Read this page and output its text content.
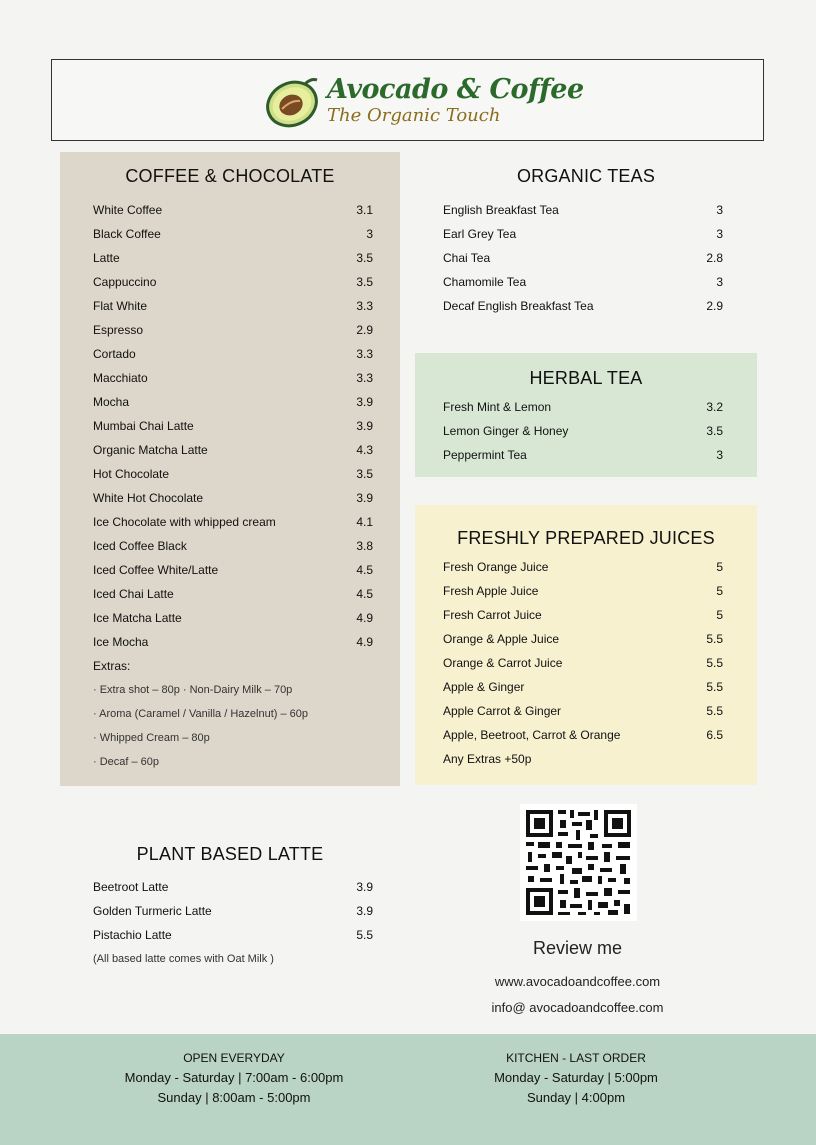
Avocado & Coffee
The Organic Touch
COFFEE & CHOCOLATE
White Coffee	3.1
Black Coffee	3
Latte	3.5
Cappuccino	3.5
Flat White	3.3
Espresso	2.9
Cortado	3.3
Macchiato	3.3
Mocha	3.9
Mumbai Chai Latte	3.9
Organic Matcha Latte	4.3
Hot Chocolate	3.5
White Hot Chocolate	3.9
Ice Chocolate with whipped cream	4.1
Iced Coffee Black	3.8
Iced Coffee White/Latte	4.5
Iced Chai Latte	4.5
Ice Matcha Latte	4.9
Ice Mocha	4.9
Extras:
· Extra shot – 80p · Non-Dairy Milk – 70p
· Aroma (Caramel / Vanilla / Hazelnut) – 60p
· Whipped Cream – 80p
· Decaf – 60p
ORGANIC TEAS
English Breakfast Tea	3
Earl Grey Tea	3
Chai Tea	2.8
Chamomile Tea	3
Decaf English Breakfast Tea	2.9
HERBAL TEA
Fresh Mint & Lemon	3.2
Lemon Ginger & Honey	3.5
Peppermint Tea	3
FRESHLY PREPARED JUICES
Fresh Orange Juice	5
Fresh Apple Juice	5
Fresh Carrot Juice	5
Orange & Apple Juice	5.5
Orange & Carrot Juice	5.5
Apple & Ginger	5.5
Apple Carrot & Ginger	5.5
Apple, Beetroot, Carrot & Orange	6.5
Any Extras +50p
PLANT BASED LATTE
Beetroot Latte	3.9
Golden Turmeric Latte	3.9
Pistachio Latte	5.5
(All based latte comes with Oat Milk )
Review me
www.avocadoandcoffee.com
info@ avocadoandcoffee.com
OPEN EVERYDAY
Monday - Saturday | 7:00am - 6:00pm
Sunday | 8:00am - 5:00pm
KITCHEN - LAST ORDER
Monday - Saturday | 5:00pm
Sunday | 4:00pm
